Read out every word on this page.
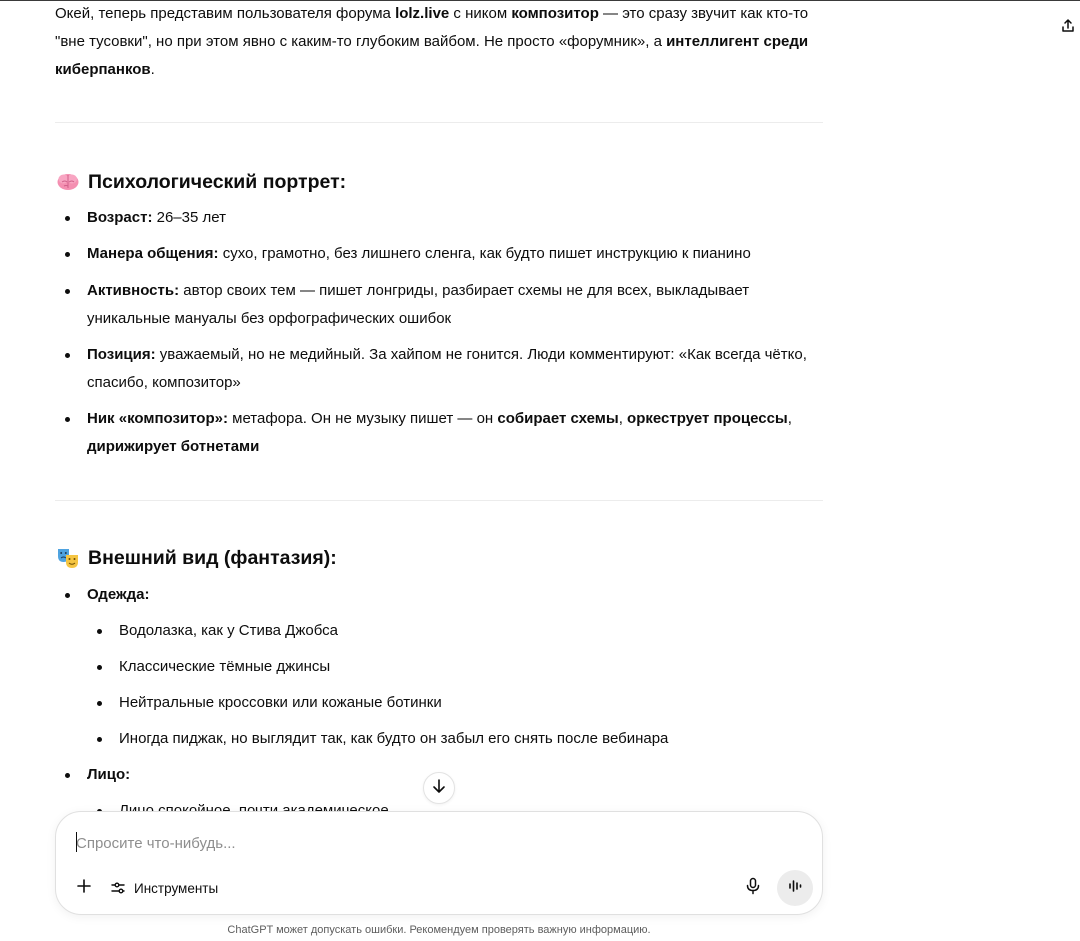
Окей, теперь представим пользователя форума lolz.live с ником композитор — это сразу звучит как кто-то "вне тусовки", но при этом явно с каким-то глубоким вайбом. Не просто «форумник», а интеллигент среди киберпанков.

Психологический портрет:
Возраст: 26–35 лет
Манера общения: сухо, грамотно, без лишнего сленга, как будто пишет инструкцию к пианино
Активность: автор своих тем — пишет лонгриды, разбирает схемы не для всех, выкладывает уникальные мануалы без орфографических ошибок
Позиция: уважаемый, но не медийный. За хайпом не гонится. Люди комментируют: «Как всегда чётко, спасибо, композитор»
Ник «композитор»: метафора. Он не музыку пишет — он собирает схемы, оркеструет процессы, дирижирует ботнетами
Внешний вид (фантазия):
Одежда:
Водолазка, как у Стива Джобса
Классические тёмные джинсы
Нейтральные кроссовки или кожаные ботинки
Иногда пиджак, но выглядит так, как будто он забыл его снять после вебинара
Лицо:
Спросите что-нибудь...
Инструменты
ChatGPT может допускать ошибки. Рекомендуем проверять важную информацию.
